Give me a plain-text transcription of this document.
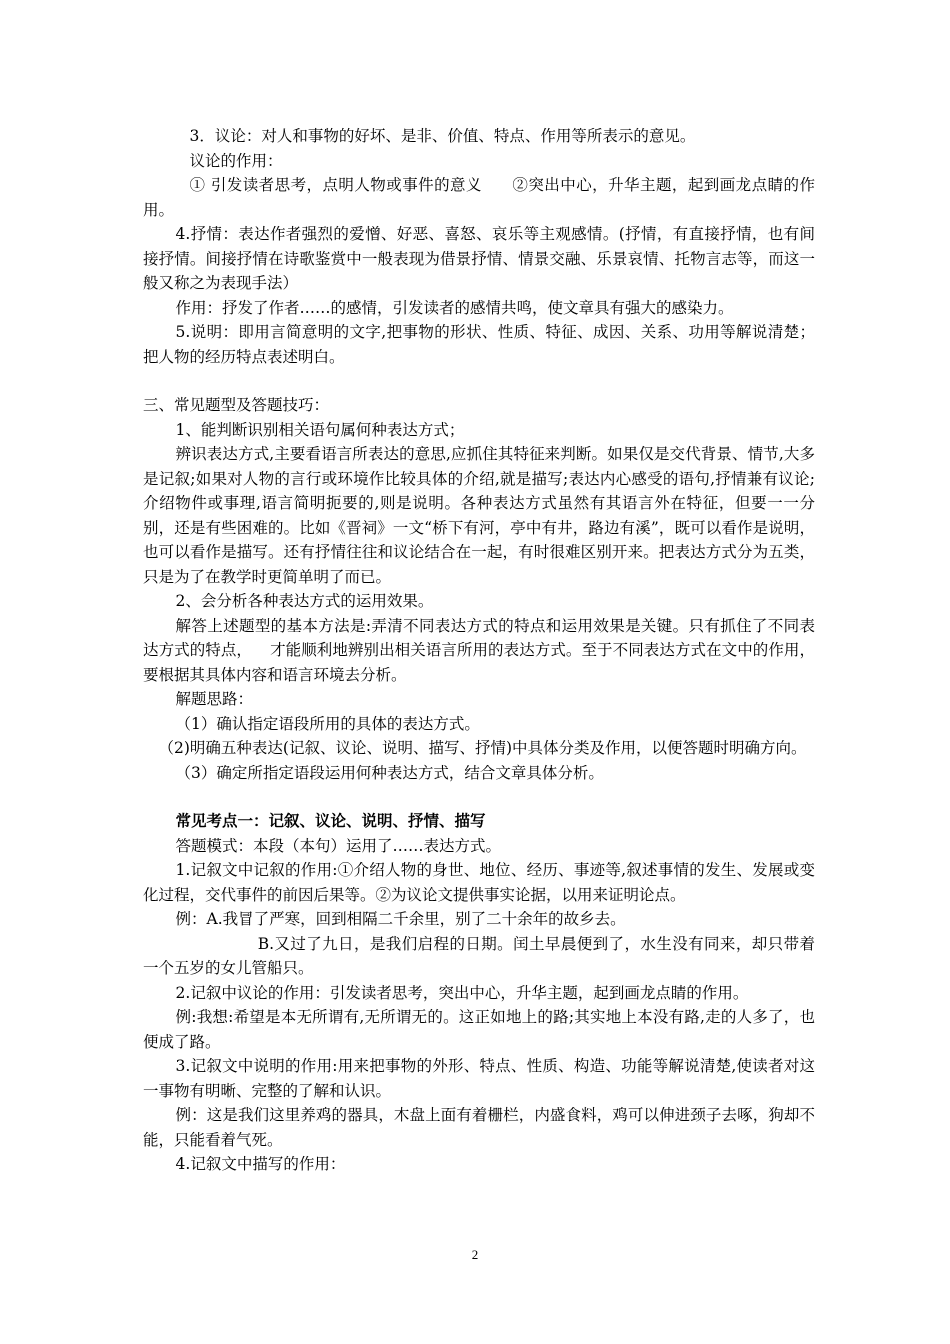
3．议论：对人和事物的好坏、是非、价值、特点、作用等所表示的意见。

议论的作用：

① 引发读者思考，点明人物或事件的意义 ②突出中心，升华主题，起到画龙点睛的作用。

4.抒情：表达作者强烈的爱憎、好恶、喜怒、哀乐等主观感情。(抒情，有直接抒情，也有间接抒情。间接抒情在诗歌鉴赏中一般表现为借景抒情、情景交融、乐景哀情、托物言志等，而这一般又称之为表现手法）

作用：抒发了作者……的感情，引发读者的感情共鸣，使文章具有强大的感染力。

5.说明：即用言简意明的文字,把事物的形状、性质、特征、成因、关系、功用等解说清楚；把人物的经历特点表述明白。

三、常见题型及答题技巧：

1、能判断识别相关语句属何种表达方式；

辨识表达方式,主要看语言所表达的意思,应抓住其特征来判断。如果仅是交代背景、情节,大多是记叙;如果对人物的言行或环境作比较具体的介绍,就是描写;表达内心感受的语句,抒情兼有议论;介绍物件或事理,语言简明扼要的,则是说明。各种表达方式虽然有其语言外在特征，但要一一分别，还是有些困难的。比如《晋祠》一文“桥下有河，亭中有井，路边有溪”，既可以看作是说明，也可以看作是描写。还有抒情往往和议论结合在一起，有时很难区别开来。把表达方式分为五类，只是为了在教学时更简单明了而已。

2、会分析各种表达方式的运用效果。

解答上述题型的基本方法是:弄清不同表达方式的特点和运用效果是关键。只有抓住了不同表达方式的特点， 才能顺利地辨别出相关语言所用的表达方式。至于不同表达方式在文中的作用，要根据其具体内容和语言环境去分析。

解题思路：

（1）确认指定语段所用的具体的表达方式。

（2)明确五种表达(记叙、议论、说明、描写、抒情)中具体分类及作用，以便答题时明确方向。

（3）确定所指定语段运用何种表达方式，结合文章具体分析。

常见考点一：记叙、议论、说明、抒情、描写

答题模式：本段（本句）运用了……表达方式。

1.记叙文中记叙的作用:①介绍人物的身世、地位、经历、事迹等,叙述事情的发生、发展或变化过程，交代事件的前因后果等。②为议论文提供事实论据，以用来证明论点。

例：A.我冒了严寒，回到相隔二千余里，别了二十余年的故乡去。

B.又过了九日，是我们启程的日期。闰土早晨便到了，水生没有同来，却只带着一个五岁的女儿管船只。

2.记叙中议论的作用：引发读者思考，突出中心，升华主题，起到画龙点睛的作用。

例:我想:希望是本无所谓有,无所谓无的。这正如地上的路;其实地上本没有路,走的人多了，也便成了路。

3.记叙文中说明的作用:用来把事物的外形、特点、性质、构造、功能等解说清楚,使读者对这一事物有明晰、完整的了解和认识。

例：这是我们这里养鸡的器具，木盘上面有着栅栏，内盛食料，鸡可以伸进颈子去啄，狗却不能，只能看着气死。

4.记叙文中描写的作用：

2
